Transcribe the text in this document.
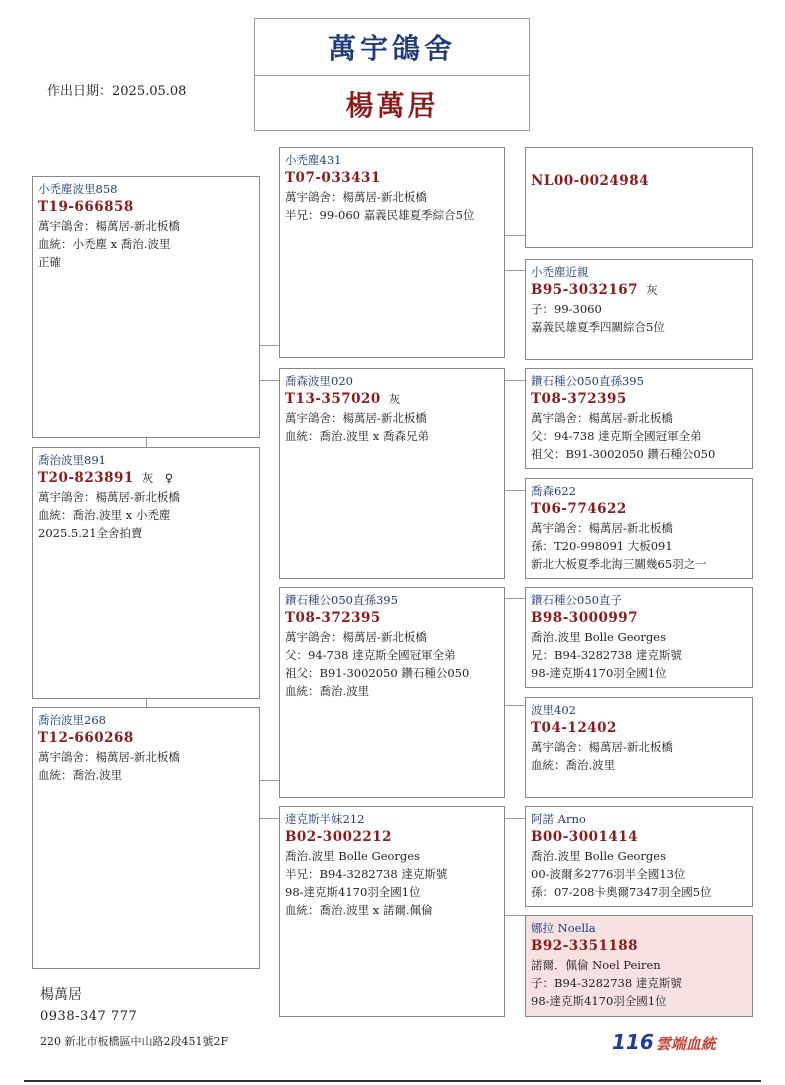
萬宇鴿舍
楊萬居
作出日期：2025.05.08
小禿塵波里858
T19-666858
萬宇鴿舍：楊萬居-新北板橋
血統：小禿塵 x 喬治.波里
正確
喬治波里891
T20-823891 灰　♀
萬宇鴿舍：楊萬居-新北板橋
血統：喬治.波里 x 小禿塵
2025.5.21全舍拍賣
喬治波里268
T12-660268
萬宇鴿舍：楊萬居-新北板橋
血統：喬治.波里
小禿塵431
T07-033431
萬宇鴿舍：楊萬居-新北板橋
半兄：99-060 嘉義民雄夏季綜合5位
喬森波里020
T13-357020 灰
萬宇鴿舍：楊萬居-新北板橋
血統：喬治.波里 x 喬森兄弟
鑽石種公050直孫395
T08-372395
萬宇鴿舍：楊萬居-新北板橋
父：94-738 達克斯全國冠軍全弟
祖父：B91-3002050 鑽石種公050
血統：喬治.波里
達克斯半妹212
B02-3002212
喬治.波里 Bolle Georges
半兄：B94-3282738 達克斯號
98-達克斯4170羽全國1位
血統：喬治.波里 x 諾爾.佩倫
NL00-0024984
小禿塵近親
B95-3032167 灰
子：99-3060
嘉義民雄夏季四關綜合5位
鑽石種公050直孫395
T08-372395
萬宇鴿舍：楊萬居-新北板橋
父：94-738 達克斯全國冠軍全弟
祖父：B91-3002050 鑽石種公050
喬森622
T06-774622
萬宇鴿舍：楊萬居-新北板橋
孫：T20-998091 大板091
新北大板夏季北海三關幾65羽之一
鑽石種公050直子
B98-3000997
喬治.波里 Bolle Georges
兄：B94-3282738 達克斯號
98-達克斯4170羽全國1位
波里402
T04-12402
萬宇鴿舍：楊萬居-新北板橋
血統：喬治.波里
阿諾 Arno
B00-3001414
喬治.波里 Bolle Georges
00-波爾多2776羽半全國13位
孫：07-208卡奧爾7347羽全國5位
娜拉 Noella
B92-3351188
諾爾．佩倫 Noel Peiren
子：B94-3282738 達克斯號
98-達克斯4170羽全國1位
楊萬居
0938-347 777
220 新北市板橋區中山路2段451號2F	116 雲端血統
